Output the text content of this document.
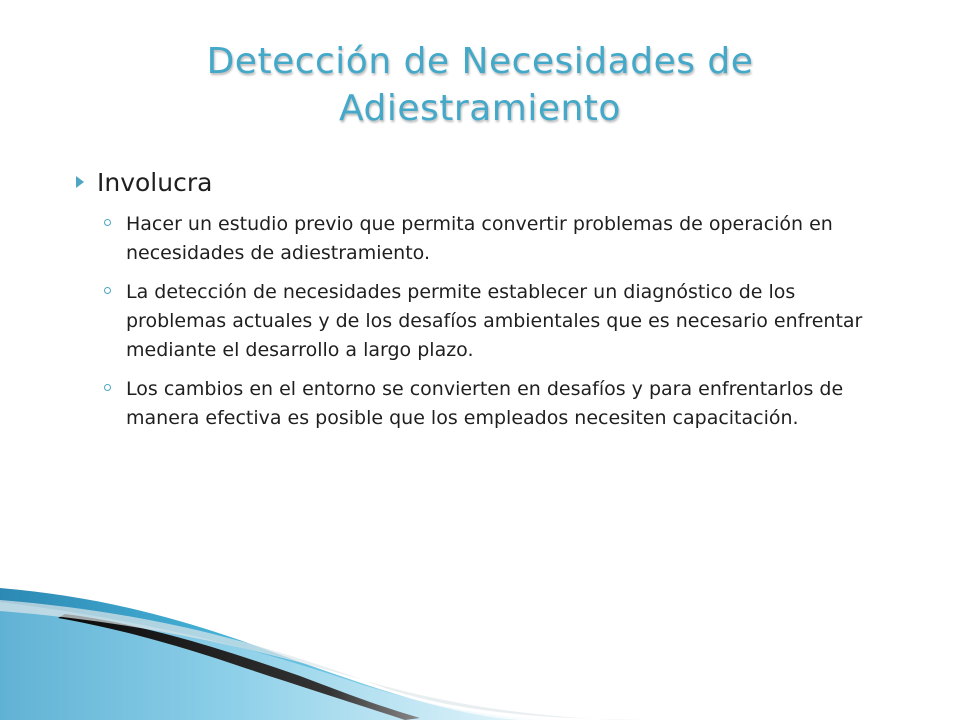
Detección de Necesidades de
Adiestramiento
Involucra
Hacer un estudio previo que permita convertir problemas de operación en necesidades de adiestramiento.
La detección de necesidades permite establecer un diagnóstico de los problemas actuales y de los desafíos ambientales que es necesario enfrentar mediante el desarrollo a largo plazo.
Los cambios en el entorno se convierten en desafíos y para enfrentarlos de manera efectiva es posible que los empleados necesiten capacitación.
